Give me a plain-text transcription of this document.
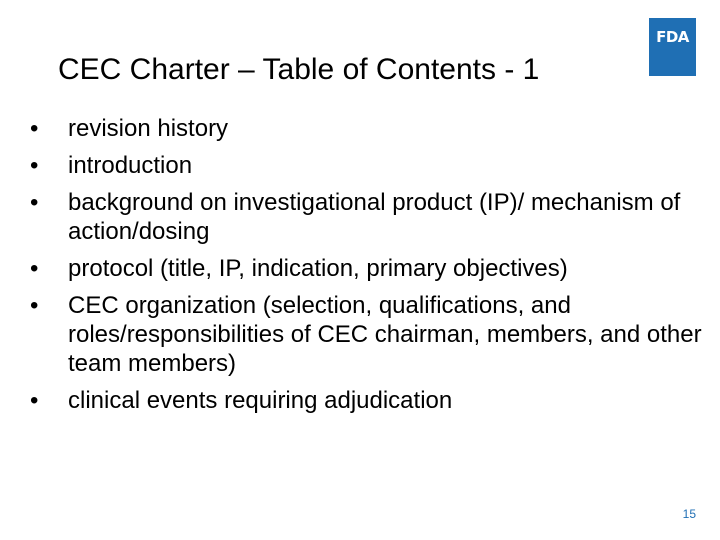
CEC Charter – Table of Contents - 1
FDA
•	revision history
•	introduction
•	background on investigational product (IP)/ mechanism of action/dosing
•	protocol (title, IP, indication, primary objectives)
•	CEC organization (selection, qualifications, and roles/responsibilities of CEC chairman, members, and other team members)
•	clinical events requiring adjudication
15
